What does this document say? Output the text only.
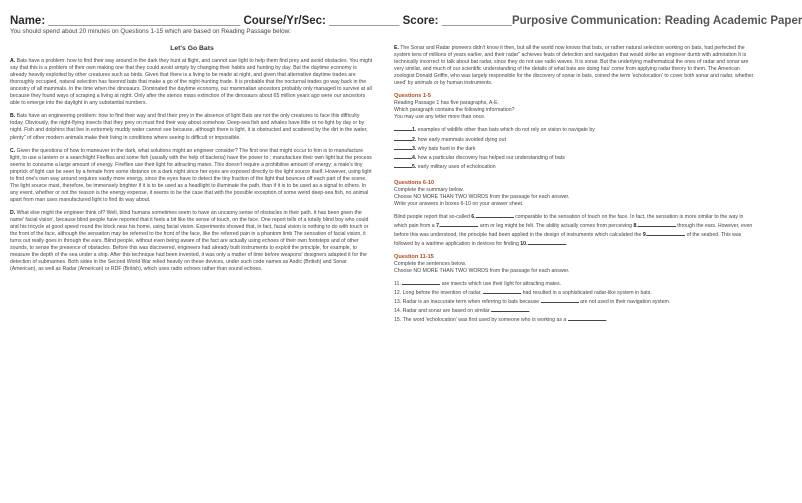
Name: ______________________________ Course/Yr/Sec: ___________ Score: ___________ Purposive Communication: Reading Academic Paper
You should spend about 20 minutes on Questions 1-15 which are based on Reading Passage below:
Let's Go Bats

A. Bats have a problem: how to find their way around in the dark they hunt at flight, and cannot use light to help them find prey and avoid obstacles. You might say that this is a problem of their own making one that they could avoid simply by changing their habits and hunting by day. But the daytime economy is already heavily exploited by other creatures such as birds. Given that there is a living to be made at night, and given that alternative daytime trades are thoroughly occupied, natural selection has favored bats that make a go of the night-hunting trade. It is probable that the nocturnal trades go way back in the ancestry of all mammals. In the time when the dinosaurs. Dominated the daytime economy, our mammalian ancestors probably only managed to survive at all because they found ways of scraping a living at night. Only after the stenos mass extinction of the dinosaurs about 65 million years ago were our ancestors able to emerge into the daylight in any substantial numbers.

B. Bats have an engineering problem: how to find their way and find their prey in the absence of light Bats are not the only creatures to face this difficulty today. Obviously, the night-flying insects that they prey on must find their way about somehow. Deep-sea fish and whales have little or no light by day or by night. Fish and dolphins that live in extremely muddy water cannot see because, although there is light, it is obstructed and scattered by the dirt in the water, plenty" of other modern animals make their living in conditions where seeing is difficult or impossible.

C. Given the questions of how to maneuver in the dark, what solutions might an engineer consider? The first one that might occur to him is to manufacture light, to use a lantern or a searchlight Fireflies and some fish (usually with the help of bacteria) have the power to ; manufacture their own light but the process seems to consume a large amount of energy. Fireflies use their light for attracting mates. This doesn't require a prohibitive amount of energy: a male's tiny pinprick of light can be seen by a female from some distance on a dark night since her eyes are exposed directly to the light source itself. However, using light to find one's own way around requires vastly more energy, since the eyes have to detect the tiny fraction of the light that bounces off each part of the scene. The light source must, therefore, be immensely brighter if it is to be used as a headlight to illuminate the path, than if it is to be used as a signal to others. In any event, whether or not the reason is the energy expense, it seems to be the case that with the possible exception of some weird deep-sea fish, no animal apart from man uses manufactured light to find its way about.

D. What else might the engineer think of? Well, blind humans sometimes seem to have an uncanny sense of obstacles in their path. It has been given the name' facial vision', because blind people have reported that it feels a bit like the sense of touch, on the face. One report tells of a totally blind boy who could and his tricycle at good speed round the block near his home, using facial vision. Experiments showed that, in fact, facial vision is nothing to do with touch or the front of the face, although the sensation may be referred to the front of the face, like the referred pain in a phantom limb The sensation of facial vision, it turns out really goes in through the ears. Blind people, without even being aware of the fact are actually using echoes of their own footsteps and of other sounds, to sense the presence of obstacles. Before this was discovered, engineers had already built instruments to exploit the principle, for example, to measure the depth of the sea under a ship. After this technique had been invented, it was only a matter of time before weapons' designers adapted it for the detection of submarines. Both sides in the Second World War relied heavily on these devices, under such code names as Asdic (British) and Sonar (American), as well as Radar (American) or RDF (British), which uses radio echoes rather than sound echoes.

E. The Sonar and Radar pioneers didn't know it then, but all the world now knows that bats, or rather natural selection working on bats, had perfected the system tens of millions of years earlier, and their radar" achieves feats of detection and navigation that would strike an engineer dumb with admiration It is technically incorrect to talk about bat radar, since they do not use radio waves. It is sonar. But the underlying mathematical the ones of radar and sonar are very similar, and much of our scientific understanding of the details of what bats are doing has' come from applying radar theory to them. The American zoologist Donald Griffin, who was largely responsible for the discovery of sonar in bats, coined the term 'echolocation' to cover both sonar and radar, whether used' by animals or by human instruments.

Questions 1-5
Reading Passage 1 has five paragraphs, A-E.
Which paragraph contains the following information?
You may use any letter more than once.
1. examples of wildlife other than bats which do not rely on vision to navigate by
2. how early mammals avoided dying out
3. why bats hunt in the dark
4. how a particular discovery has helped our understanding of bats
5. early military uses of echolocation
Questions 6-10
Complete the summary below.
Choose NO MORE THAN TWO WORDS from the passage for each answer.
Write your answers in boxes 6-10 on your answer sheet.

Blind people report that so-called 6.	comparable to the sensation of touch on the face. In fact, the sensation is more similar to the way in which pain from a 7.	arm or leg might be felt. The ability actually comes from perceiving 8.	through the ears. However, even before this was understood, the principle had been applied in the design of instruments which calculated the 9.	of the seabed. This was followed by a wartime application in devices for finding 10.	.

Question 11-15
Complete the sentences below.
Choose NO MORE THAN TWO WORDS from the passage for each answer.
11.	are insects which use their light for attracting mates.
12. Long before the invention of radar,	had resulted in a sophisticated radar-like system in bats.
13. Radar is an inaccurate term when referring to bats because	are not used in their navigation system.
14. Radar and sonar are based on similar	.
15. The word 'echolocation' was first used by someone who is working as a	.
